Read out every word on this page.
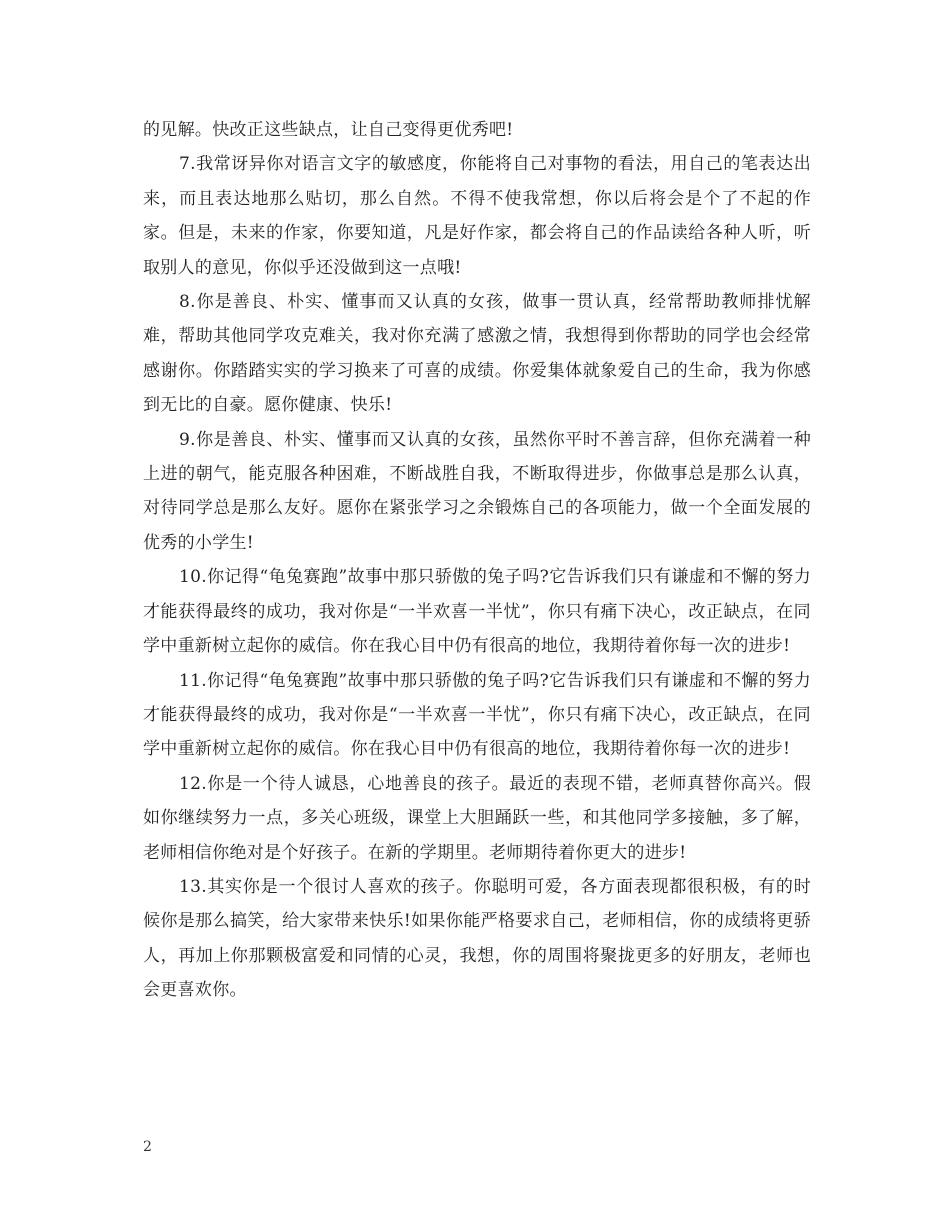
的见解。快改正这些缺点，让自己变得更优秀吧!

7.我常讶异你对语言文字的敏感度，你能将自己对事物的看法，用自己的笔表达出来，而且表达地那么贴切，那么自然。不得不使我常想，你以后将会是个了不起的作家。但是，未来的作家，你要知道，凡是好作家，都会将自己的作品读给各种人听，听取别人的意见，你似乎还没做到这一点哦!

8.你是善良、朴实、懂事而又认真的女孩，做事一贯认真，经常帮助教师排忧解难，帮助其他同学攻克难关，我对你充满了感激之情，我想得到你帮助的同学也会经常感谢你。你踏踏实实的学习换来了可喜的成绩。你爱集体就象爱自己的生命，我为你感到无比的自豪。愿你健康、快乐!

9.你是善良、朴实、懂事而又认真的女孩，虽然你平时不善言辞，但你充满着一种上进的朝气，能克服各种困难，不断战胜自我，不断取得进步，你做事总是那么认真，对待同学总是那么友好。愿你在紧张学习之余锻炼自己的各项能力，做一个全面发展的优秀的小学生!

10.你记得“龟兔赛跑”故事中那只骄傲的兔子吗?它告诉我们只有谦虚和不懈的努力才能获得最终的成功，我对你是“一半欢喜一半忧”，你只有痛下决心，改正缺点，在同学中重新树立起你的威信。你在我心目中仍有很高的地位，我期待着你每一次的进步!

11.你记得“龟兔赛跑”故事中那只骄傲的兔子吗?它告诉我们只有谦虚和不懈的努力才能获得最终的成功，我对你是“一半欢喜一半忧”，你只有痛下决心，改正缺点，在同学中重新树立起你的威信。你在我心目中仍有很高的地位，我期待着你每一次的进步!

12.你是一个待人诚恳，心地善良的孩子。最近的表现不错，老师真替你高兴。假如你继续努力一点，多关心班级，课堂上大胆踊跃一些，和其他同学多接触，多了解，老师相信你绝对是个好孩子。在新的学期里。老师期待着你更大的进步!

13.其实你是一个很讨人喜欢的孩子。你聪明可爱，各方面表现都很积极，有的时候你是那么搞笑，给大家带来快乐!如果你能严格要求自己，老师相信，你的成绩将更骄人，再加上你那颗极富爱和同情的心灵，我想，你的周围将聚拢更多的好朋友，老师也会更喜欢你。

2
